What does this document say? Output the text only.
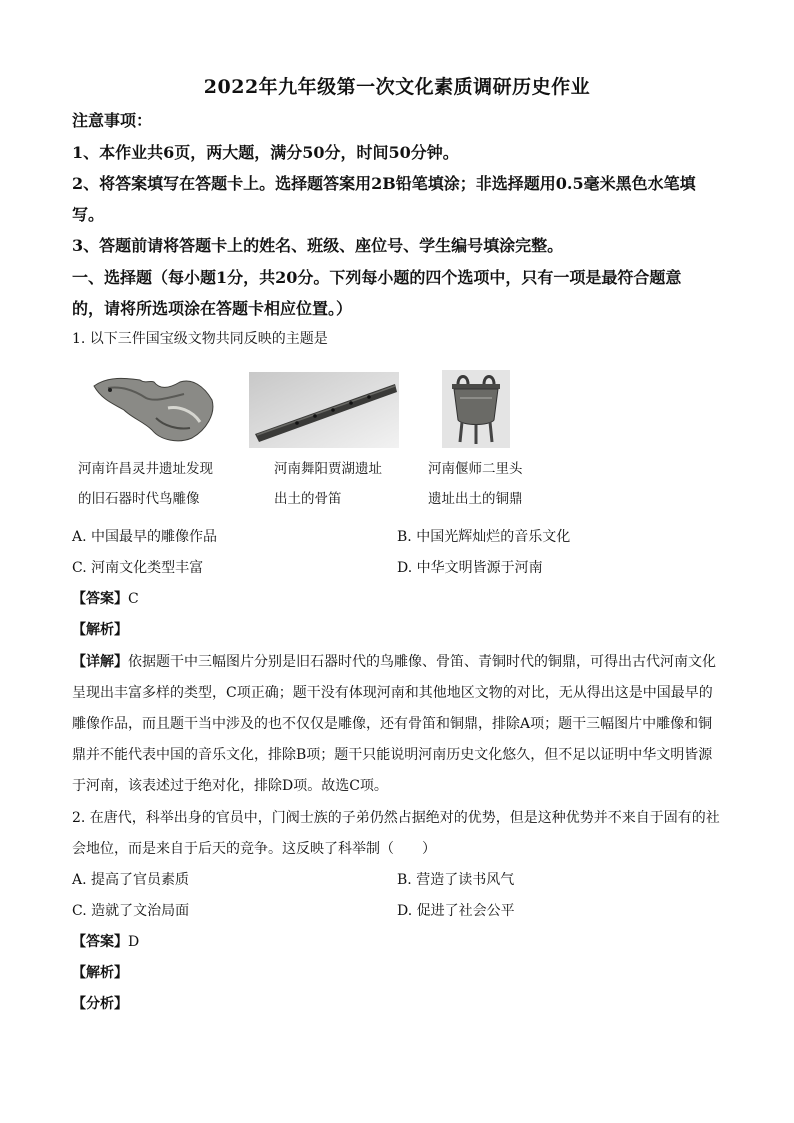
2022年九年级第一次文化素质调研历史作业
注意事项：
1、本作业共6页，两大题，满分50分，时间50分钟。
2、将答案填写在答题卡上。选择题答案用2B铅笔填涂；非选择题用0.5毫米黑色水笔填
写。
3、答题前请将答题卡上的姓名、班级、座位号、学生编号填涂完整。
一、选择题（每小题1分，共20分。下列每小题的四个选项中，只有一项是最符合题意
的，请将所选项涂在答题卡相应位置。）
1. 以下三件国宝级文物共同反映的主题是
河南许昌灵井遗址发现
的旧石器时代鸟雕像
河南舞阳贾湖遗址
出土的骨笛
河南偃师二里头
遗址出土的铜鼎
A. 中国最早的雕像作品	B. 中国光辉灿烂的音乐文化
C. 河南文化类型丰富	D. 中华文明皆源于河南
【答案】C
【解析】
【详解】依据题干中三幅图片分别是旧石器时代的鸟雕像、骨笛、青铜时代的铜鼎，可得出古代河南文化
呈现出丰富多样的类型，C项正确；题干没有体现河南和其他地区文物的对比，无从得出这是中国最早的
雕像作品，而且题干当中涉及的也不仅仅是雕像，还有骨笛和铜鼎，排除A项；题干三幅图片中雕像和铜
鼎并不能代表中国的音乐文化，排除B项；题干只能说明河南历史文化悠久，但不足以证明中华文明皆源
于河南，该表述过于绝对化，排除D项。故选C项。
2. 在唐代，科举出身的官员中，门阀士族的子弟仍然占据绝对的优势，但是这种优势并不来自于固有的社
会地位，而是来自于后天的竞争。这反映了科举制（　　）
A. 提高了官员素质	B. 营造了读书风气
C. 造就了文治局面	D. 促进了社会公平
【答案】D
【解析】
【分析】
